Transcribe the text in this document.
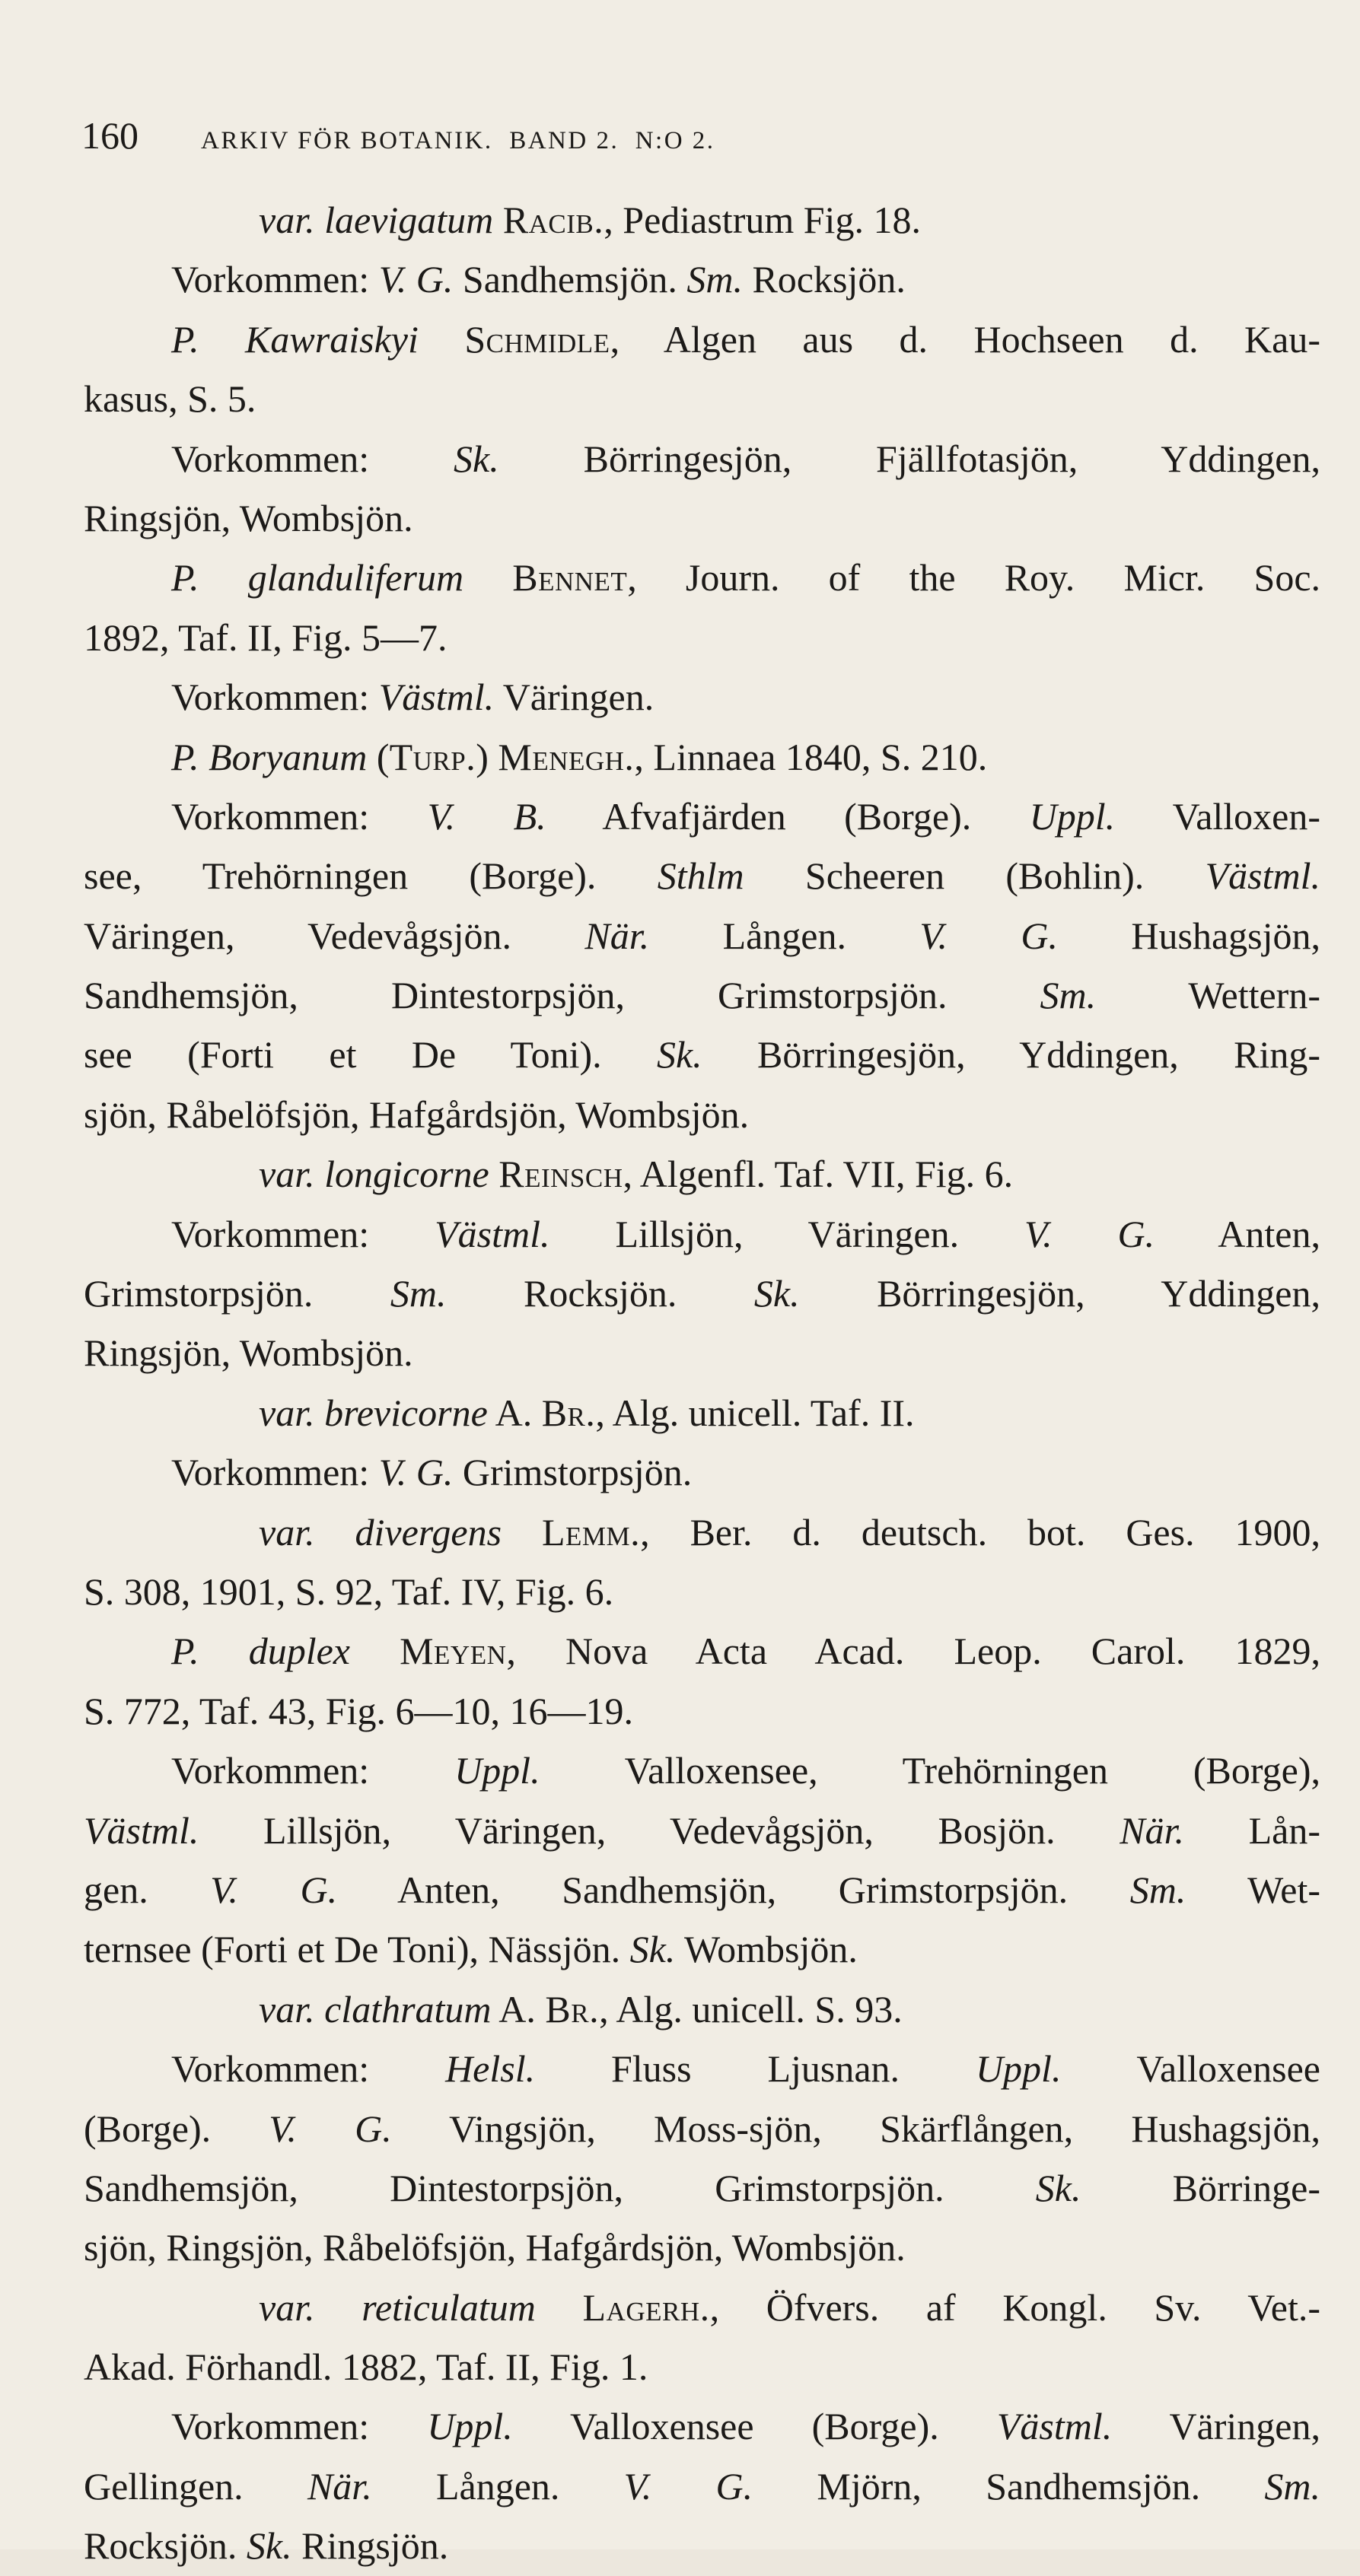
160 ARKIV FÖR BOTANIK. BAND 2. N:O 2.
var. laevigatum Racib., Pediastrum Fig. 18.
Vorkommen: V. G. Sandhemsjön. Sm. Rocksjön.
P. Kawraiskyi Schmidle, Algen aus d. Hochseen d. Kau-
kasus, S. 5.
Vorkommen: Sk. Börringesjön, Fjällfotasjön, Yddingen,
Ringsjön, Wombsjön.
P. glanduliferum Bennet, Journ. of the Roy. Micr. Soc.
1892, Taf. II, Fig. 5—7.
Vorkommen: Västml. Väringen.
P. Boryanum (Turp.) Menegh., Linnaea 1840, S. 210.
Vorkommen: V. B. Afvafjärden (Borge). Uppl. Valloxen-
see, Trehörningen (Borge). Sthlm Scheeren (Bohlin). Västml.
Väringen, Vedevågsjön. När. Lången. V. G. Hushagsjön,
Sandhemsjön, Dintestorpsjön, Grimstorpsjön. Sm. Wettern-
see (Forti et De Toni). Sk. Börringesjön, Yddingen, Ring-
sjön, Råbelöfsjön, Hafgårdsjön, Wombsjön.
var. longicorne Reinsch, Algenfl. Taf. VII, Fig. 6.
Vorkommen: Västml. Lillsjön, Väringen. V. G. Anten,
Grimstorpsjön. Sm. Rocksjön. Sk. Börringesjön, Yddingen,
Ringsjön, Wombsjön.
var. brevicorne A. Br., Alg. unicell. Taf. II.
Vorkommen: V. G. Grimstorpsjön.
var. divergens Lemm., Ber. d. deutsch. bot. Ges. 1900,
S. 308, 1901, S. 92, Taf. IV, Fig. 6.
P. duplex Meyen, Nova Acta Acad. Leop. Carol. 1829,
S. 772, Taf. 43, Fig. 6—10, 16—19.
Vorkommen: Uppl. Valloxensee, Trehörningen (Borge),
Västml. Lillsjön, Väringen, Vedevågsjön, Bosjön. När. Lån-
gen. V. G. Anten, Sandhemsjön, Grimstorpsjön. Sm. Wet-
ternsee (Forti et De Toni), Nässjön. Sk. Wombsjön.
var. clathratum A. Br., Alg. unicell. S. 93.
Vorkommen: Helsl. Fluss Ljusnan. Uppl. Valloxensee
(Borge). V. G. Vingsjön, Moss-sjön, Skärflången, Hushagsjön,
Sandhemsjön, Dintestorpsjön, Grimstorpsjön. Sk. Börringe-
sjön, Ringsjön, Råbelöfsjön, Hafgårdsjön, Wombsjön.
var. reticulatum Lagerh., Öfvers. af Kongl. Sv. Vet.-
Akad. Förhandl. 1882, Taf. II, Fig. 1.
Vorkommen: Uppl. Valloxensee (Borge). Västml. Väringen,
Gellingen. När. Lången. V. G. Mjörn, Sandhemsjön. Sm.
Rocksjön. Sk. Ringsjön.
